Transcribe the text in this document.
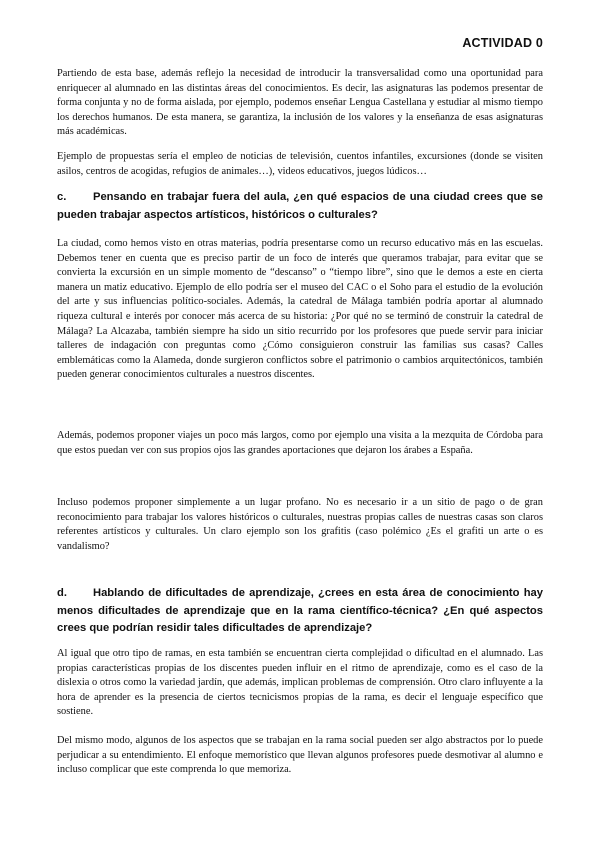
ACTIVIDAD 0

Partiendo de esta base, además reflejo la necesidad de introducir la transversalidad como una oportunidad para enriquecer al alumnado en las distintas áreas del conocimientos. Es decir, las asignaturas las podemos presentar de forma conjunta y no de forma aislada, por ejemplo, podemos enseñar Lengua Castellana y estudiar al mismo tiempo los derechos humanos. De esta manera, se garantiza, la inclusión de los valores y la enseñanza de esas asignaturas más académicas.

Ejemplo de propuestas sería el empleo de noticias de televisión, cuentos infantiles, excursiones (donde se visiten asilos, centros de acogidas, refugios de animales…), videos educativos, juegos lúdicos…

c. Pensando en trabajar fuera del aula, ¿en qué espacios de una ciudad crees que se pueden trabajar aspectos artísticos, históricos o culturales?

La ciudad, como hemos visto en otras materias, podría presentarse como un recurso educativo más en las escuelas. Debemos tener en cuenta que es preciso partir de un foco de interés que queramos trabajar, para evitar que se convierta la excursión en un simple momento de “descanso” o “tiempo libre”, sino que le demos a este en cierta manera un matiz educativo. Ejemplo de ello podría ser el museo del CAC o el Soho para el estudio de la evolución del arte y sus influencias político-sociales. Además, la catedral de Málaga también podría aportar al alumnado riqueza cultural e interés por conocer más acerca de su historia: ¿Por qué no se terminó de construir la catedral de Málaga? La Alcazaba, también siempre ha sido un sitio recurrido por los profesores que puede servir para iniciar talleres de indagación con preguntas como ¿Cómo consiguieron construir las familias sus casas? Calles emblemáticas como la Alameda, donde surgieron conflictos sobre el patrimonio o cambios arquitectónicos, también pueden generar conocimientos culturales a nuestros discentes.

Además, podemos proponer viajes un poco más largos, como por ejemplo una visita a la mezquita de Córdoba para que estos puedan ver con sus propios ojos las grandes aportaciones que dejaron los árabes a España.

Incluso podemos proponer simplemente a un lugar profano. No es necesario ir a un sitio de pago o de gran reconocimiento para trabajar los valores históricos o culturales, nuestras propias calles de nuestras casas son claros referentes artísticos y culturales. Un claro ejemplo son los grafitis (caso polémico ¿Es el grafiti un arte o es vandalismo?

d. Hablando de dificultades de aprendizaje, ¿crees en esta área de conocimiento hay menos dificultades de aprendizaje que en la rama científico-técnica? ¿En qué aspectos crees que podrían residir tales dificultades de aprendizaje?

Al igual que otro tipo de ramas, en esta también se encuentran cierta complejidad o dificultad en el alumnado. Las propias características propias de los discentes pueden influir en el ritmo de aprendizaje, como es el caso de la dislexia o otros como la variedad jardín, que además, implican problemas de comprensión. Otro claro influyente a la hora de aprender es la presencia de ciertos tecnicismos propias de la rama, es decir el lenguaje específico que sostiene.

Del mismo modo, algunos de los aspectos que se trabajan en la rama social pueden ser algo abstractos por lo puede perjudicar a su entendimiento. El enfoque memorístico que llevan algunos profesores puede desmotivar al alumno e incluso complicar que este comprenda lo que memoriza.
